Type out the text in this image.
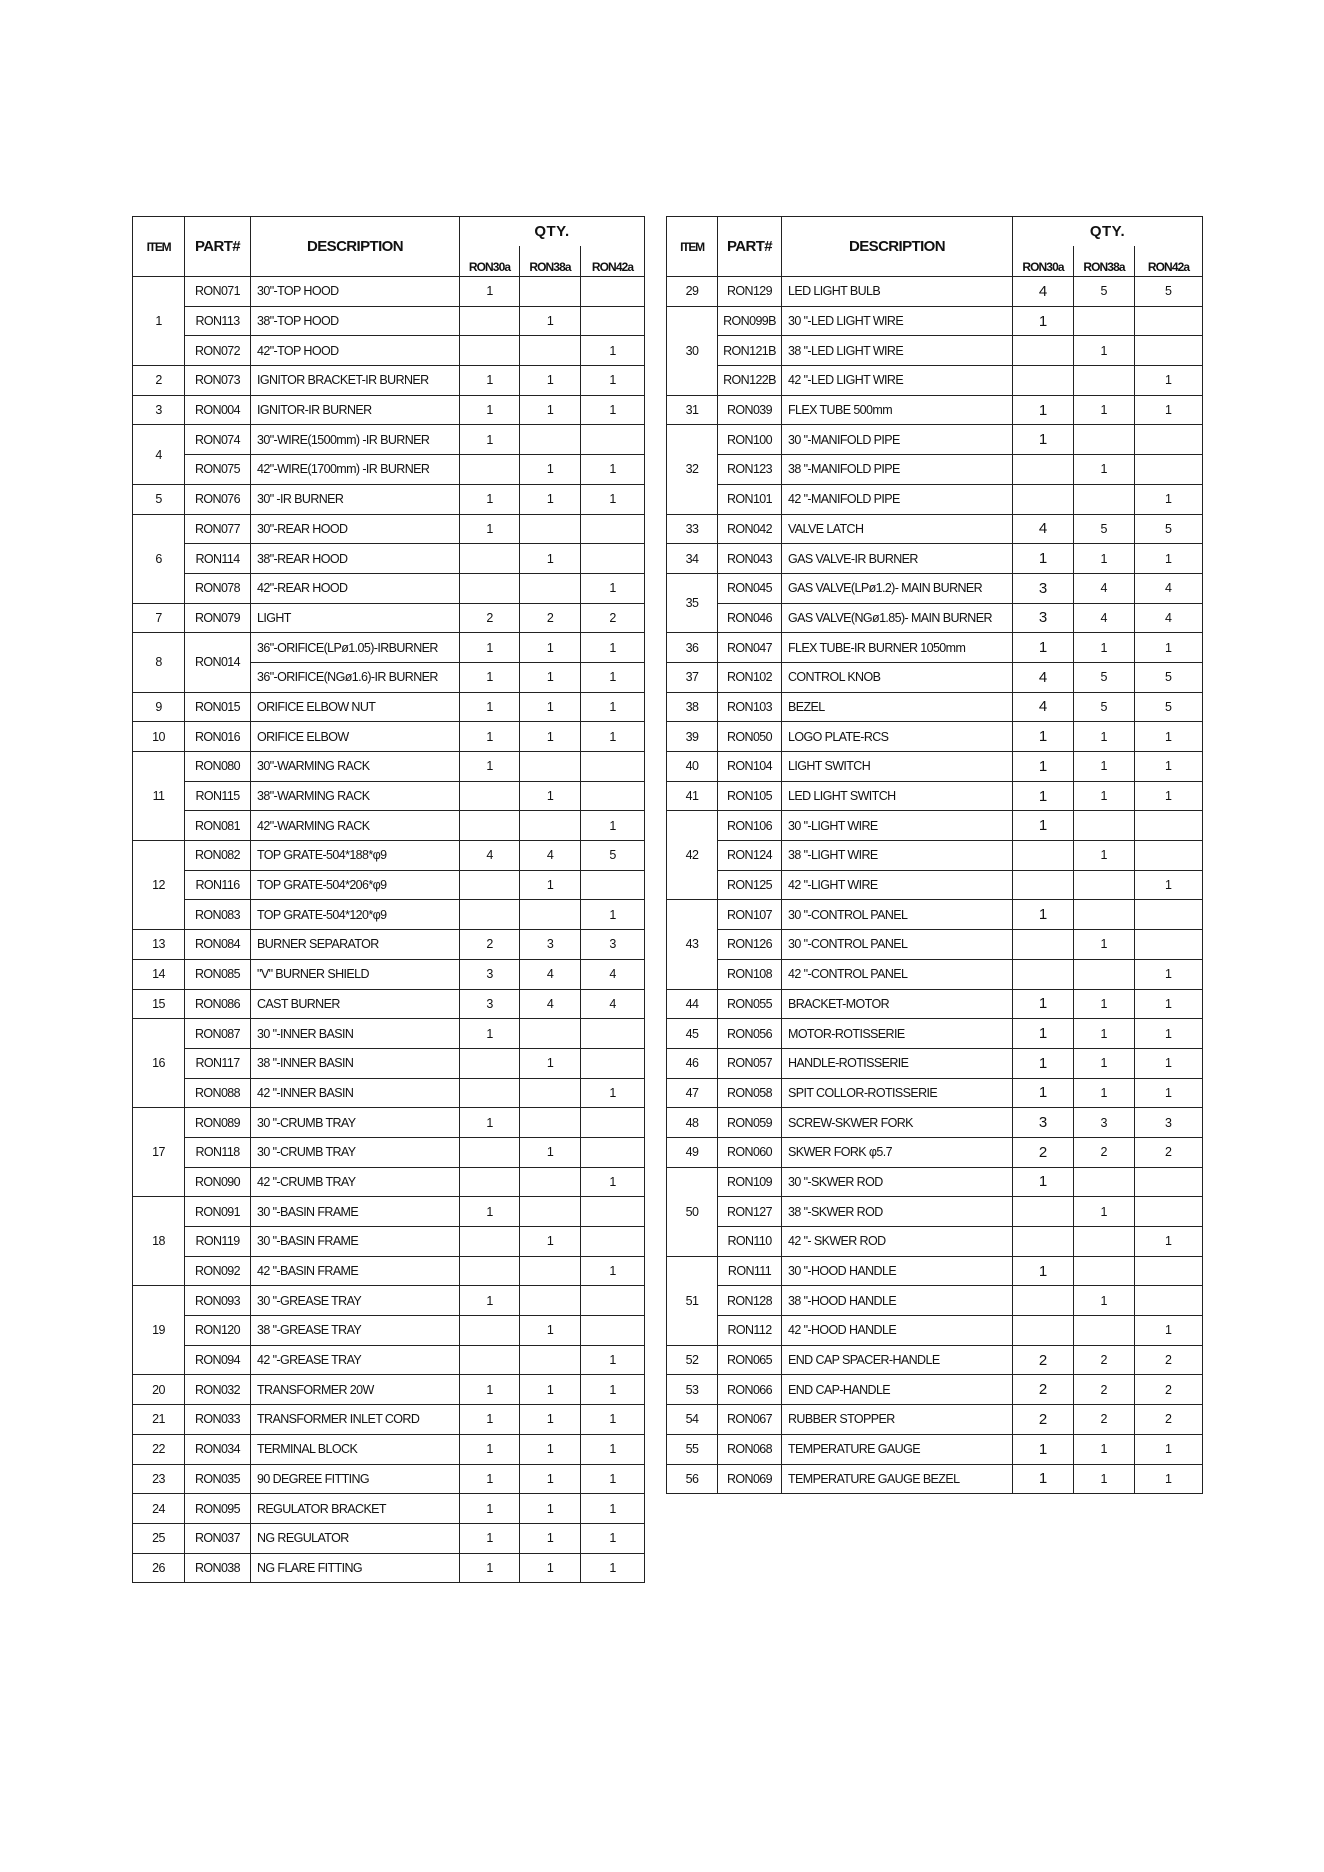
ITEM	PART#	DESCRIPTION	QTY.		
			RON30a	RON38a	RON42a
1	RON071	30"-TOP HOOD	1		
	RON113	38"-TOP HOOD		1	
	RON072	42"-TOP HOOD			1
2	RON073	IGNITOR BRACKET-IR BURNER	1	1	1
3	RON004	IGNITOR-IR BURNER	1	1	1
4	RON074	30"-WIRE(1500mm) -IR BURNER	1		
	RON075	42"-WIRE(1700mm) -IR BURNER		1	1
5	RON076	30" -IR BURNER	1	1	1
6	RON077	30"-REAR HOOD	1		
	RON114	38"-REAR HOOD		1	
	RON078	42"-REAR HOOD			1
7	RON079	LIGHT	2	2	2
8	RON014	36"-ORIFICE(LPø1.05)-IRBURNER	1	1	1
		36"-ORIFICE(NGø1.6)-IR BURNER	1	1	1
9	RON015	ORIFICE ELBOW NUT	1	1	1
10	RON016	ORIFICE ELBOW	1	1	1
11	RON080	30"-WARMING RACK	1		
	RON115	38"-WARMING RACK		1	
	RON081	42"-WARMING RACK			1
12	RON082	TOP GRATE-504*188*φ9	4	4	5
	RON116	TOP GRATE-504*206*φ9		1	
	RON083	TOP GRATE-504*120*φ9			1
13	RON084	BURNER SEPARATOR	2	3	3
14	RON085	"V" BURNER SHIELD	3	4	4
15	RON086	CAST BURNER	3	4	4
16	RON087	30 "-INNER BASIN	1		
	RON117	38 "-INNER BASIN		1	
	RON088	42 "-INNER BASIN			1
17	RON089	30 "-CRUMB TRAY	1		
	RON118	30 "-CRUMB TRAY		1	
	RON090	42 "-CRUMB TRAY			1
18	RON091	30 "-BASIN FRAME	1		
	RON119	30 "-BASIN FRAME		1	
	RON092	42 "-BASIN FRAME			1
19	RON093	30 "-GREASE TRAY	1		
	RON120	38 "-GREASE TRAY		1	
	RON094	42 "-GREASE TRAY			1
20	RON032	TRANSFORMER 20W	1	1	1
21	RON033	TRANSFORMER INLET CORD	1	1	1
22	RON034	TERMINAL BLOCK	1	1	1
23	RON035	90 DEGREE FITTING	1	1	1
24	RON095	REGULATOR BRACKET	1	1	1
25	RON037	NG REGULATOR	1	1	1
26	RON038	NG FLARE FITTING	1	1	1
ITEM	PART#	DESCRIPTION	QTY.		
			RON30a	RON38a	RON42a
29	RON129	LED LIGHT BULB	4	5	5
30	RON099B	30 "-LED LIGHT WIRE	1		
	RON121B	38 "-LED LIGHT WIRE		1	
	RON122B	42 "-LED LIGHT WIRE			1
31	RON039	FLEX TUBE 500mm	1	1	1
32	RON100	30 "-MANIFOLD PIPE	1		
	RON123	38 "-MANIFOLD PIPE		1	
	RON101	42 "-MANIFOLD PIPE			1
33	RON042	VALVE LATCH	4	5	5
34	RON043	GAS VALVE-IR BURNER	1	1	1
35	RON045	GAS VALVE(LPø1.2)- MAIN BURNER	3	4	4
	RON046	GAS VALVE(NGø1.85)- MAIN BURNER	3	4	4
36	RON047	FLEX TUBE-IR BURNER 1050mm	1	1	1
37	RON102	CONTROL KNOB	4	5	5
38	RON103	BEZEL	4	5	5
39	RON050	LOGO PLATE-RCS	1	1	1
40	RON104	LIGHT SWITCH	1	1	1
41	RON105	LED LIGHT SWITCH	1	1	1
42	RON106	30 "-LIGHT WIRE	1		
	RON124	38 "-LIGHT WIRE		1	
	RON125	42 "-LIGHT WIRE			1
43	RON107	30 "-CONTROL PANEL	1		
	RON126	30 "-CONTROL PANEL		1	
	RON108	42 "-CONTROL PANEL			1
44	RON055	BRACKET-MOTOR	1	1	1
45	RON056	MOTOR-ROTISSERIE	1	1	1
46	RON057	HANDLE-ROTISSERIE	1	1	1
47	RON058	SPIT COLLOR-ROTISSERIE	1	1	1
48	RON059	SCREW-SKWER FORK	3	3	3
49	RON060	SKWER FORK φ5.7	2	2	2
50	RON109	30 "-SKWER ROD	1		
	RON127	38 "-SKWER ROD		1	
	RON110	42 "- SKWER ROD			1
51	RON111	30 "-HOOD HANDLE	1		
	RON128	38 "-HOOD HANDLE		1	
	RON112	42 "-HOOD HANDLE			1
52	RON065	END CAP SPACER-HANDLE	2	2	2
53	RON066	END CAP-HANDLE	2	2	2
54	RON067	RUBBER STOPPER	2	2	2
55	RON068	TEMPERATURE GAUGE	1	1	1
56	RON069	TEMPERATURE GAUGE BEZEL	1	1	1
